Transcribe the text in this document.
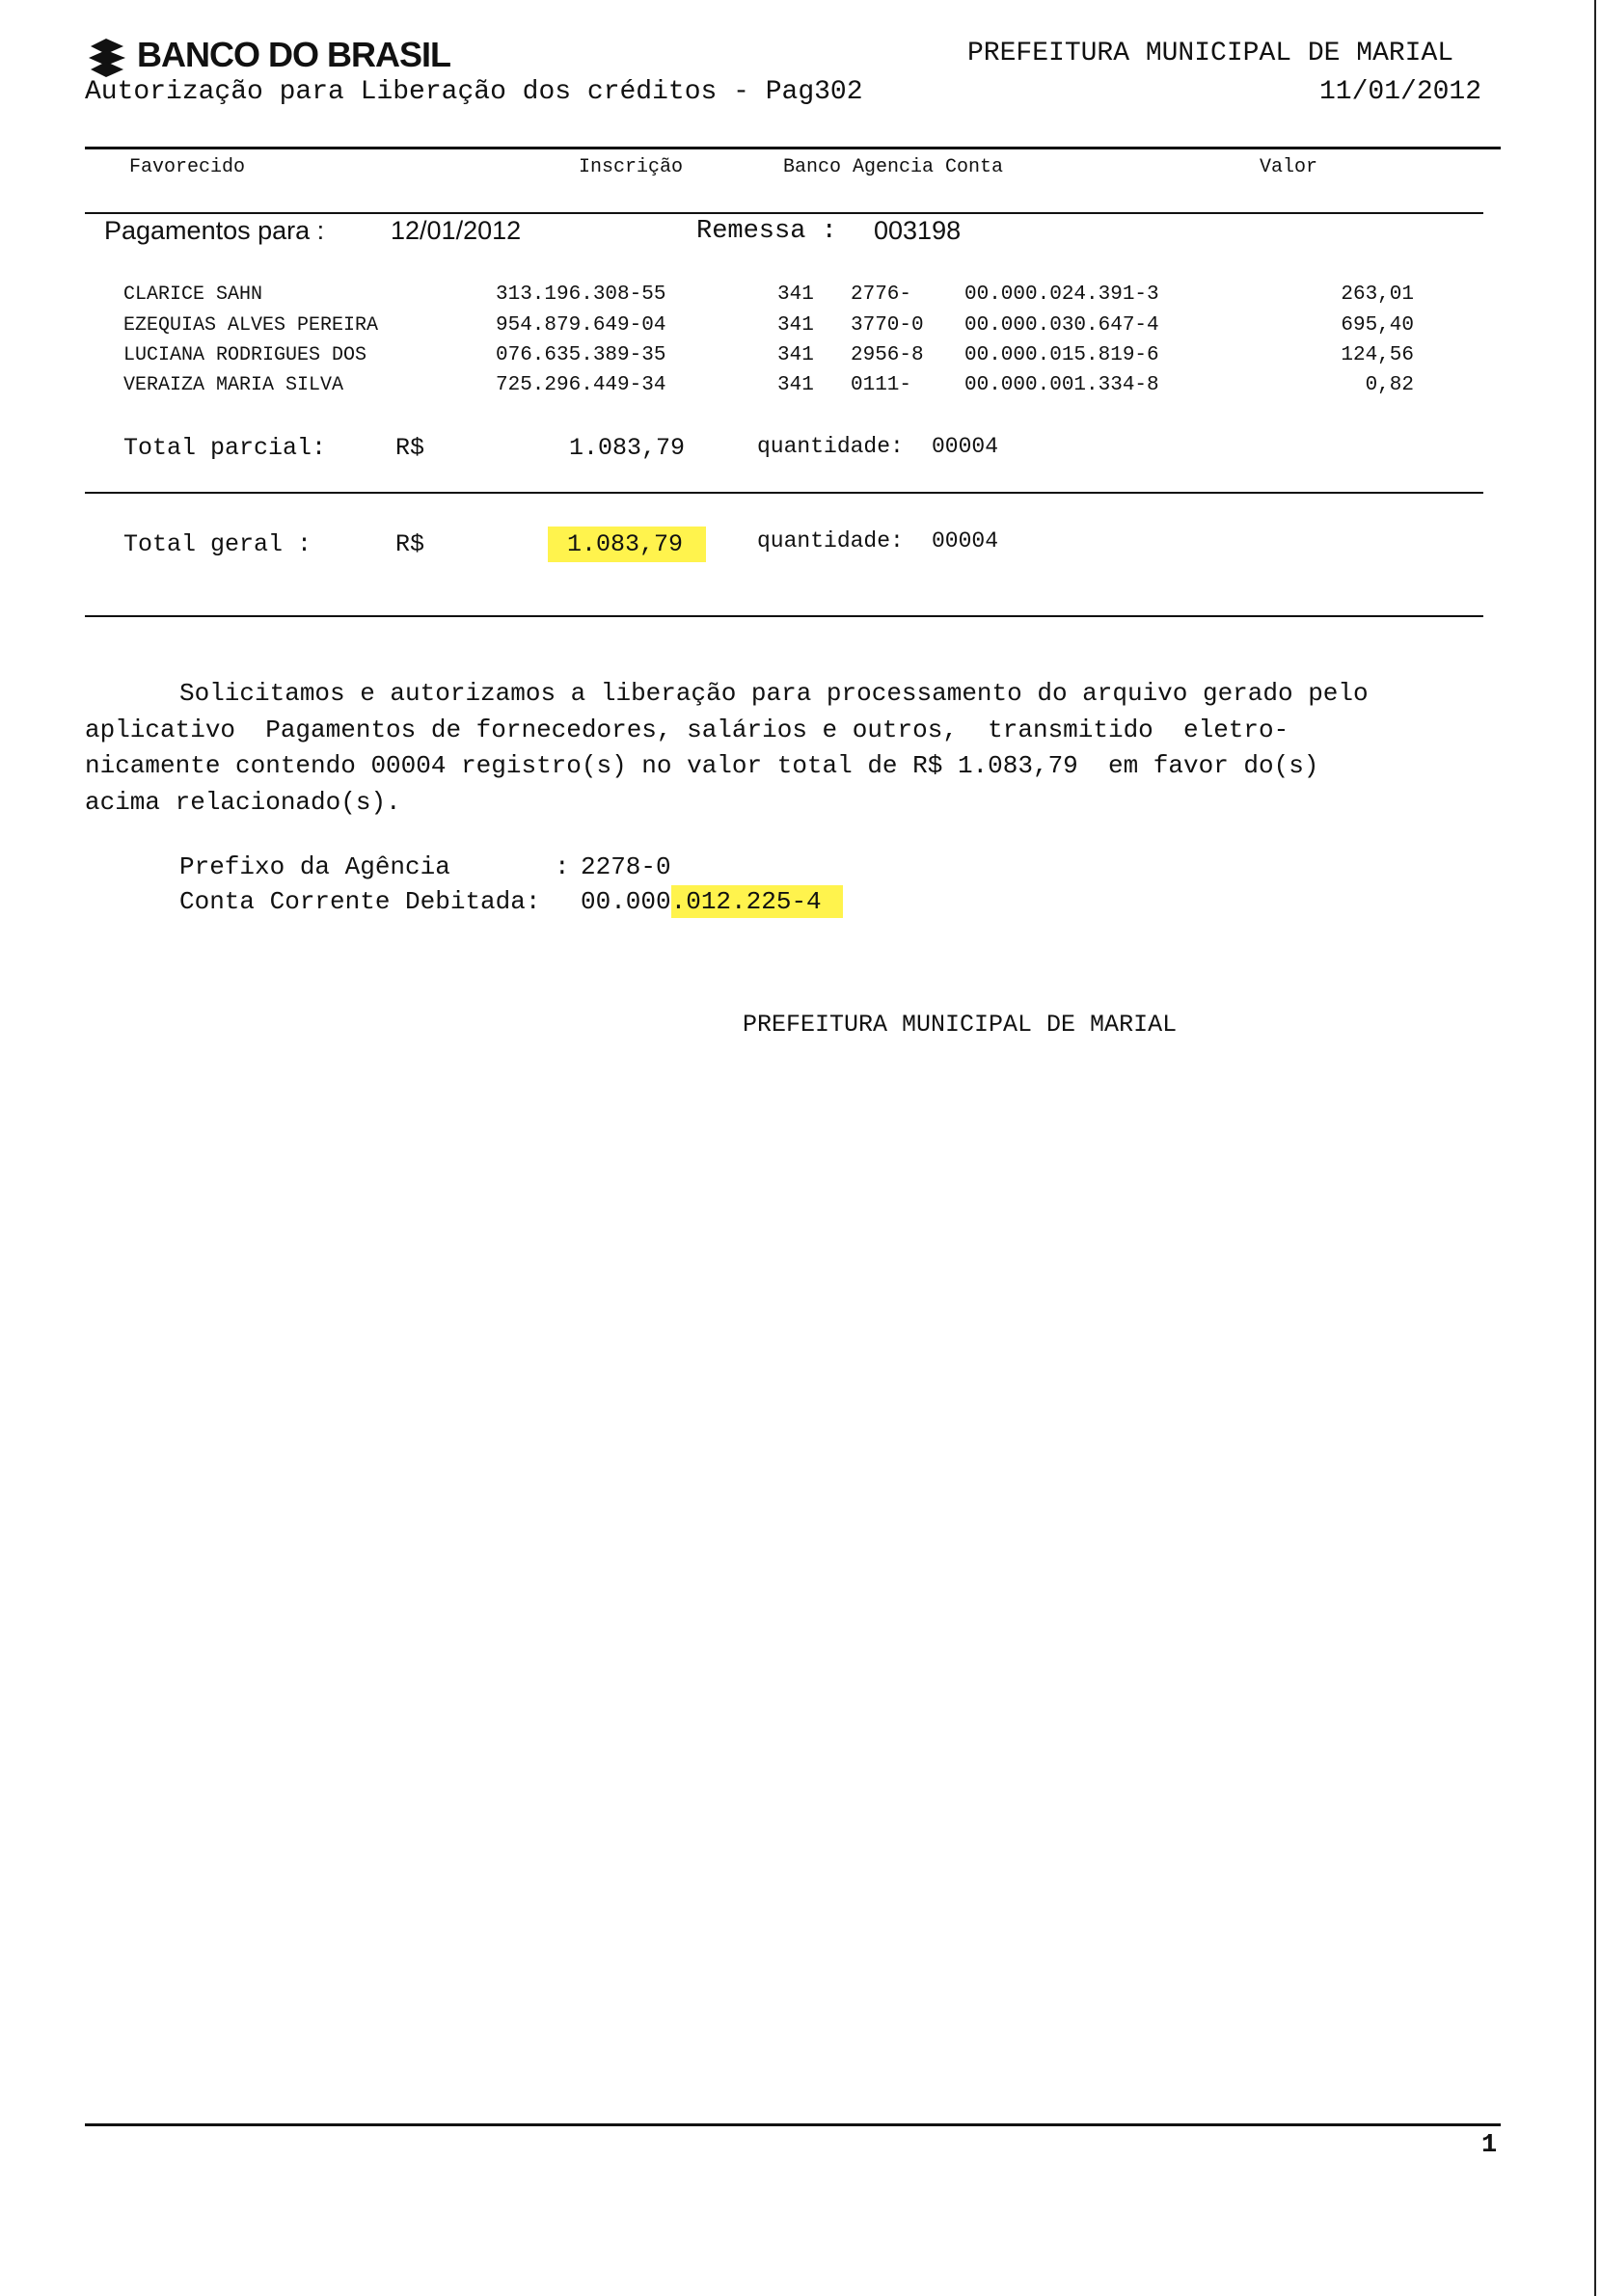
BANCO DO BRASIL

Autorização para Liberação dos créditos - Pag302
PREFEITURA MUNICIPAL DE MARIAL
11/01/2012
Favorecido	Inscrição	Banco Agencia Conta	Valor
Pagamentos para :	12/01/2012	Remessa : 003198
CLARICE SAHN	313.196.308-55	341 2776-	00.000.024.391-3	263,01
EZEQUIAS ALVES PEREIRA	954.879.649-04	341 3770-0 00.000.030.647-4	695,40
LUCIANA RODRIGUES DOS	076.635.389-35	341 2956-8 00.000.015.819-6	124,56
VERAIZA MARIA SILVA	725.296.449-34	341 0111-	00.000.001.334-8	0,82
Total parcial:	R$	1.083,79	quantidade: 00004
Total geral :	R$	1.083,79	quantidade: 00004
Solicitamos e autorizamos a liberação para processamento do arquivo gerado pelo
aplicativo  Pagamentos de fornecedores, salários e outros,  transmitido  eletro-
nicamente contendo 00004 registro(s) no valor total de R$ 1.083,79  em favor do(s)
acima relacionado(s).
Prefixo da Agência	: 2278-0
Conta Corrente Debitada: 00.000.012.225-4
PREFEITURA MUNICIPAL DE MARIAL
1
